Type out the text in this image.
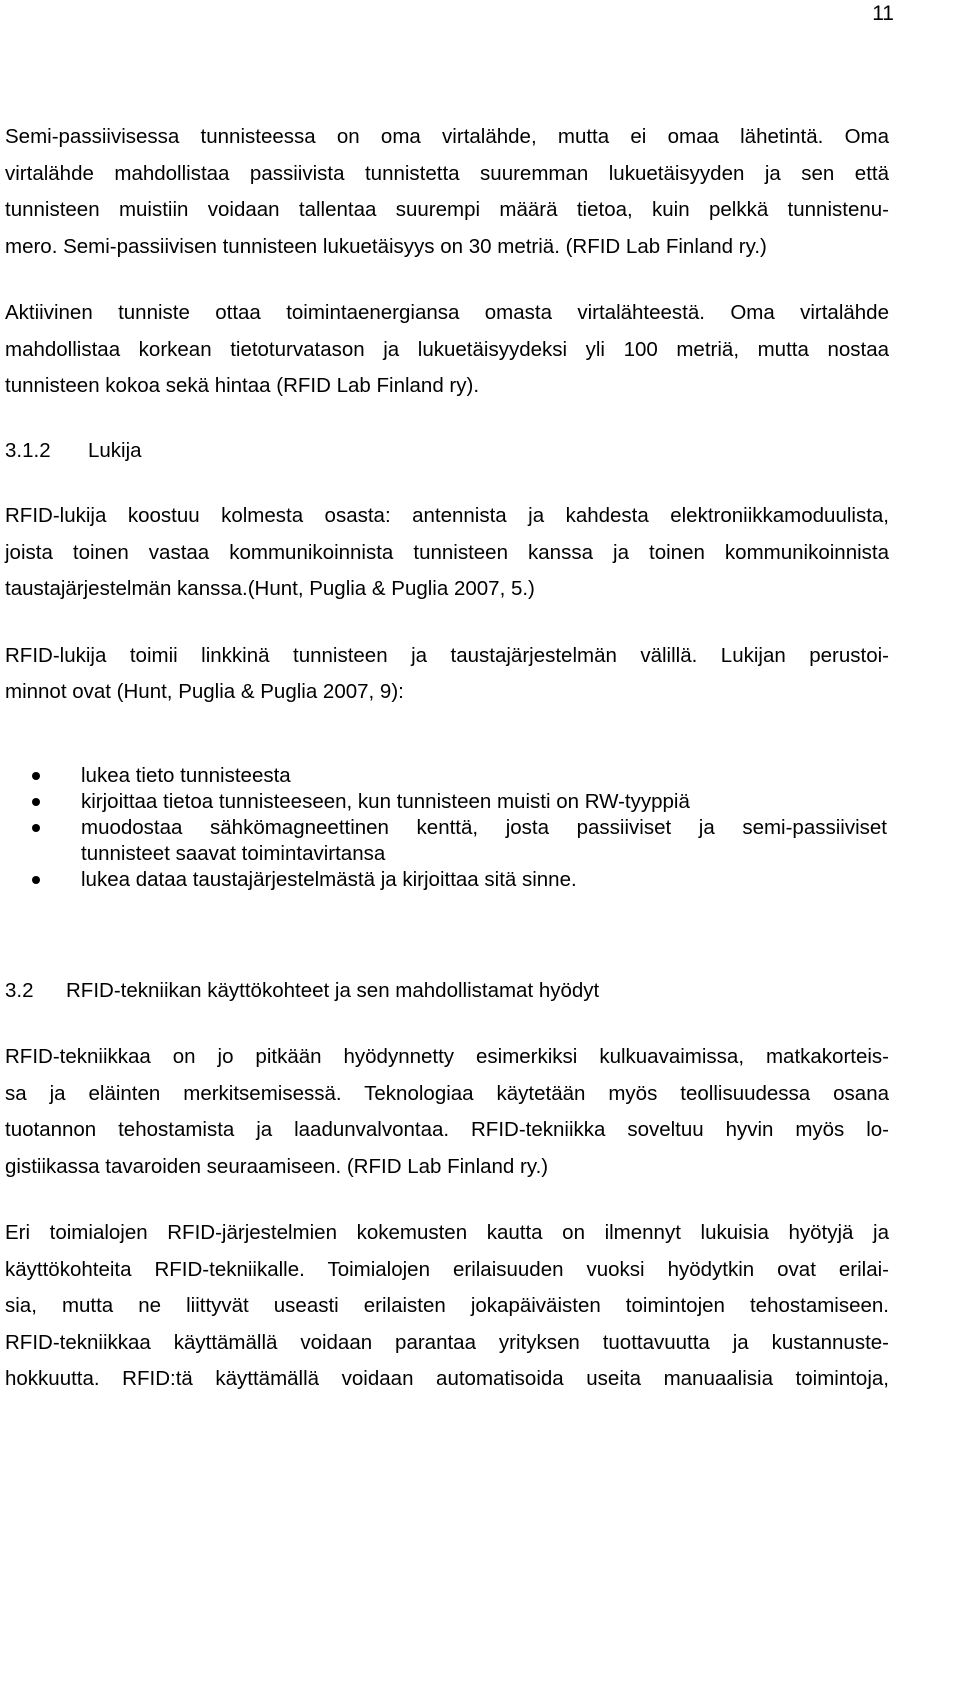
11

Semi-passiivisessa tunnisteessa on oma virtalähde, mutta ei omaa lähetintä. Oma
virtalähde mahdollistaa passiivista tunnistetta suuremman lukuetäisyyden ja sen että
tunnisteen muistiin voidaan tallentaa suurempi määrä tietoa, kuin pelkkä tunnistenu-
mero. Semi-passiivisen tunnisteen lukuetäisyys on 30 metriä. (RFID Lab Finland ry.)

Aktiivinen tunniste ottaa toimintaenergiansa omasta virtalähteestä. Oma virtalähde
mahdollistaa korkean tietoturvatason ja lukuetäisyydeksi yli 100 metriä, mutta nostaa
tunnisteen kokoa sekä hintaa (RFID Lab Finland ry).

3.1.2 Lukija

RFID-lukija koostuu kolmesta osasta: antennista ja kahdesta elektroniikkamoduulista,
joista toinen vastaa kommunikoinnista tunnisteen kanssa ja toinen kommunikoinnista
taustajärjestelmän kanssa.(Hunt, Puglia & Puglia 2007, 5.)

RFID-lukija toimii linkkinä tunnisteen ja taustajärjestelmän välillä. Lukijan perustoi-
minnot ovat (Hunt, Puglia & Puglia 2007, 9):

lukea tieto tunnisteesta
kirjoittaa tietoa tunnisteeseen, kun tunnisteen muisti on RW-tyyppiä
muodostaa sähkömagneettinen kenttä, josta passiiviset ja semi-passiiviset
tunnisteet saavat toimintavirtansa
lukea dataa taustajärjestelmästä ja kirjoittaa sitä sinne.
3.2 RFID-tekniikan käyttökohteet ja sen mahdollistamat hyödyt

RFID-tekniikkaa on jo pitkään hyödynnetty esimerkiksi kulkuavaimissa, matkakorteis-
sa ja eläinten merkitsemisessä. Teknologiaa käytetään myös teollisuudessa osana
tuotannon tehostamista ja laadunvalvontaa. RFID-tekniikka soveltuu hyvin myös lo-
gistiikassa tavaroiden seuraamiseen. (RFID Lab Finland ry.)

Eri toimialojen RFID-järjestelmien kokemusten kautta on ilmennyt lukuisia hyötyjä ja
käyttökohteita RFID-tekniikalle. Toimialojen erilaisuuden vuoksi hyödytkin ovat erilai-
sia, mutta ne liittyvät useasti erilaisten jokapäiväisten toimintojen tehostamiseen.
RFID-tekniikkaa käyttämällä voidaan parantaa yrityksen tuottavuutta ja kustannuste-
hokkuutta. RFID:tä käyttämällä voidaan automatisoida useita manuaalisia toimintoja,
